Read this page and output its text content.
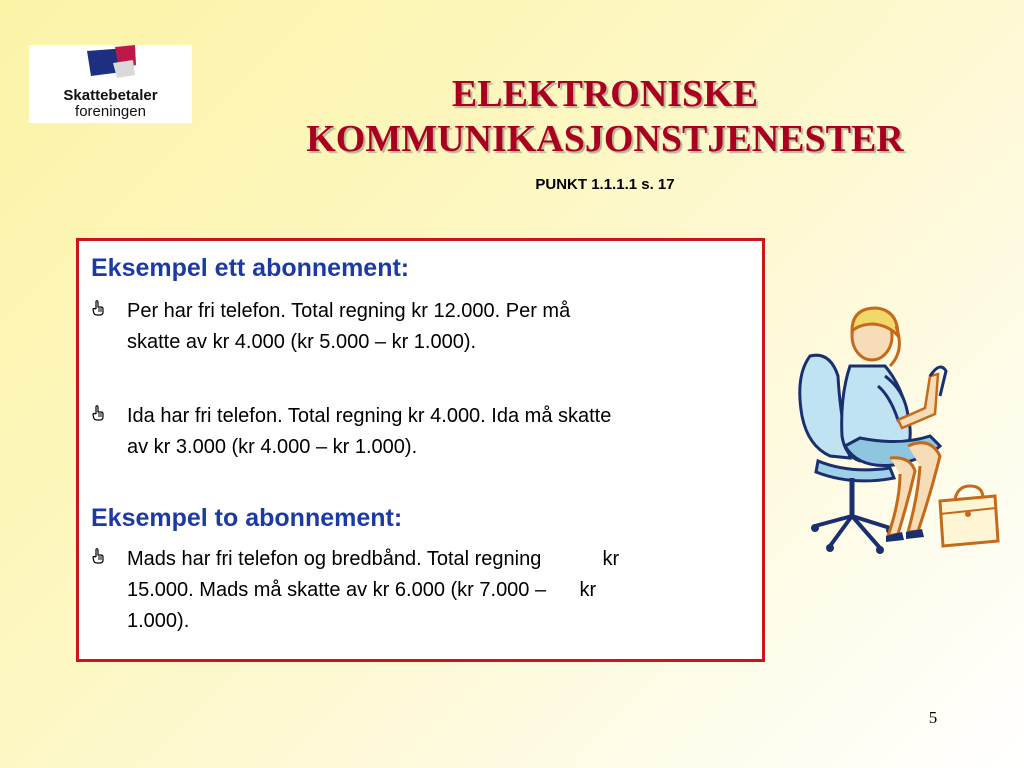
Skattebetaler
foreningen	ELEKTRONISKE
KOMMUNIKASJONSTJENESTER
PUNKT 1.1.1.1 s. 17
Eksempel ett abonnement:
Per har fri telefon. Total regning kr 12.000. Per må
skatte av kr 4.000 (kr 5.000 – kr 1.000).
Ida har fri telefon. Total regning kr 4.000. Ida må skatte
av kr 3.000 (kr 4.000 – kr 1.000).
Eksempel to abonnement:
Mads har fri telefon og bredbånd. Total regning           kr
15.000. Mads må skatte av kr 6.000 (kr 7.000 –      kr
1.000).
5
